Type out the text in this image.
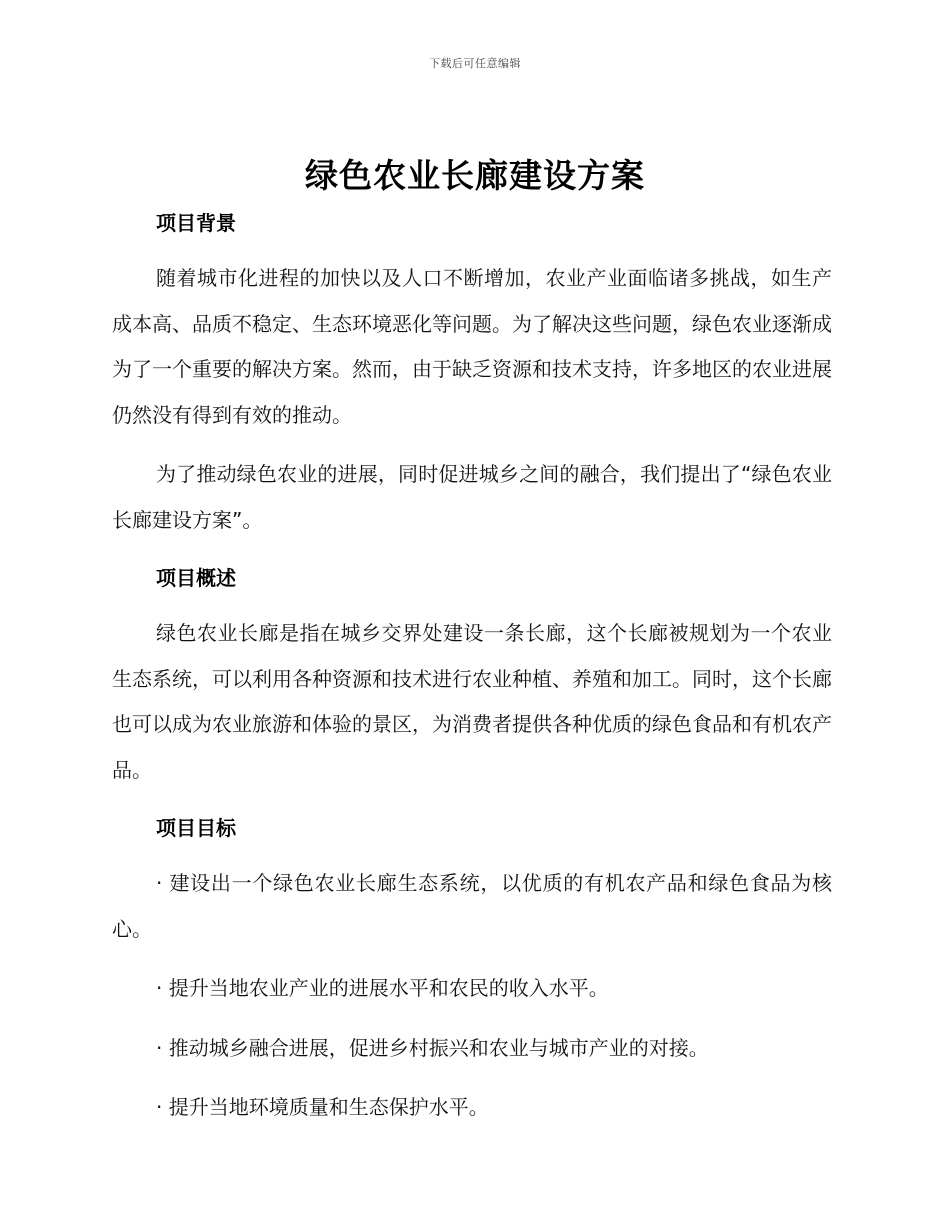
下载后可任意编辑
绿色农业长廊建设方案
项目背景

随着城市化进程的加快以及人口不断增加，农业产业面临诸多挑战，如生产成本高、品质不稳定、生态环境恶化等问题。为了解决这些问题，绿色农业逐渐成为了一个重要的解决方案。然而，由于缺乏资源和技术支持，许多地区的农业进展仍然没有得到有效的推动。

为了推动绿色农业的进展，同时促进城乡之间的融合，我们提出了“绿色农业长廊建设方案”。

项目概述

绿色农业长廊是指在城乡交界处建设一条长廊，这个长廊被规划为一个农业生态系统，可以利用各种资源和技术进行农业种植、养殖和加工。同时，这个长廊也可以成为农业旅游和体验的景区，为消费者提供各种优质的绿色食品和有机农产品。

项目目标

· 建设出一个绿色农业长廊生态系统，以优质的有机农产品和绿色食品为核心。

· 提升当地农业产业的进展水平和农民的收入水平。

· 推动城乡融合进展，促进乡村振兴和农业与城市产业的对接。

· 提升当地环境质量和生态保护水平。
